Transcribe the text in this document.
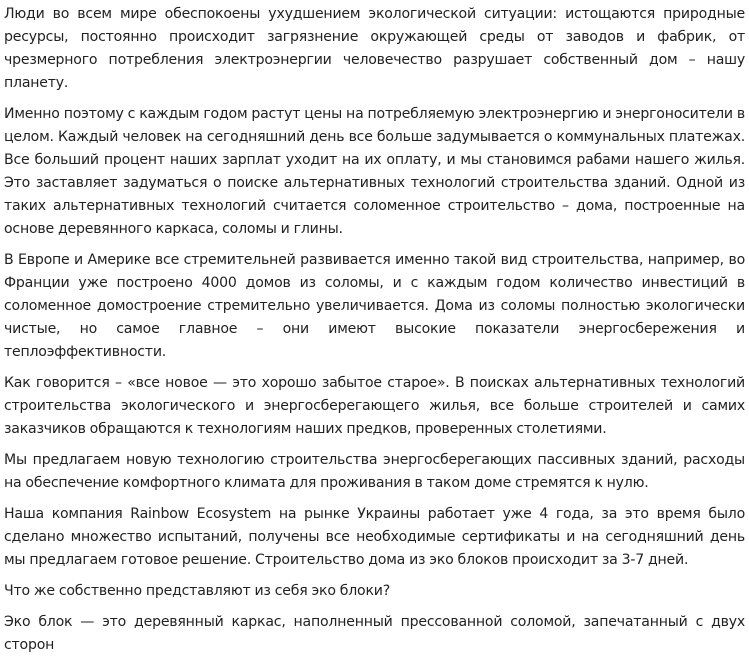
Люди во всем мире обеспокоены ухудшением экологической ситуации: истощаются природные ресурсы, постоянно происходит загрязнение окружающей среды от заводов и фабрик, от чрезмерного потребления электроэнергии человечество разрушает собственный дом – нашу планету.

Именно поэтому с каждым годом растут цены на потребляемую электроэнергию и энергоносители в целом. Каждый человек на сегодняшний день все больше задумывается о коммунальных платежах. Все больший процент наших зарплат уходит на их оплату, и мы становимся рабами нашего жилья. Это заставляет задуматься о поиске альтернативных технологий строительства зданий. Одной из таких альтернативных технологий считается соломенное строительство – дома, построенные на основе деревянного каркаса, соломы и глины.

В Европе и Америке все стремительней развивается именно такой вид строительства, например, во Франции уже построено 4000 домов из соломы, и с каждым годом количество инвестиций в соломенное домостроение стремительно увеличивается. Дома из соломы полностью экологически чистые, но самое главное – они имеют высокие показатели энергосбережения и теплоэффективности.

Как говорится – «все новое — это хорошо забытое старое». В поисках альтернативных технологий строительства экологического и энергосберегающего жилья, все больше строителей и самих заказчиков обращаются к технологиям наших предков, проверенных столетиями.

Мы предлагаем новую технологию строительства энергосберегающих пассивных зданий, расходы на обеспечение комфортного климата для проживания в таком доме стремятся к нулю.

Наша компания Rainbow Ecosystem на рынке Украины работает уже 4 года, за это время было сделано множество испытаний, получены все необходимые сертификаты и на сегодняшний день мы предлагаем готовое решение. Строительство дома из эко блоков происходит за 3-7 дней.

Что же собственно представляют из себя эко блоки?

Эко блок — это деревянный каркас, наполненный прессованной соломой, запечатанный с двух сторон
